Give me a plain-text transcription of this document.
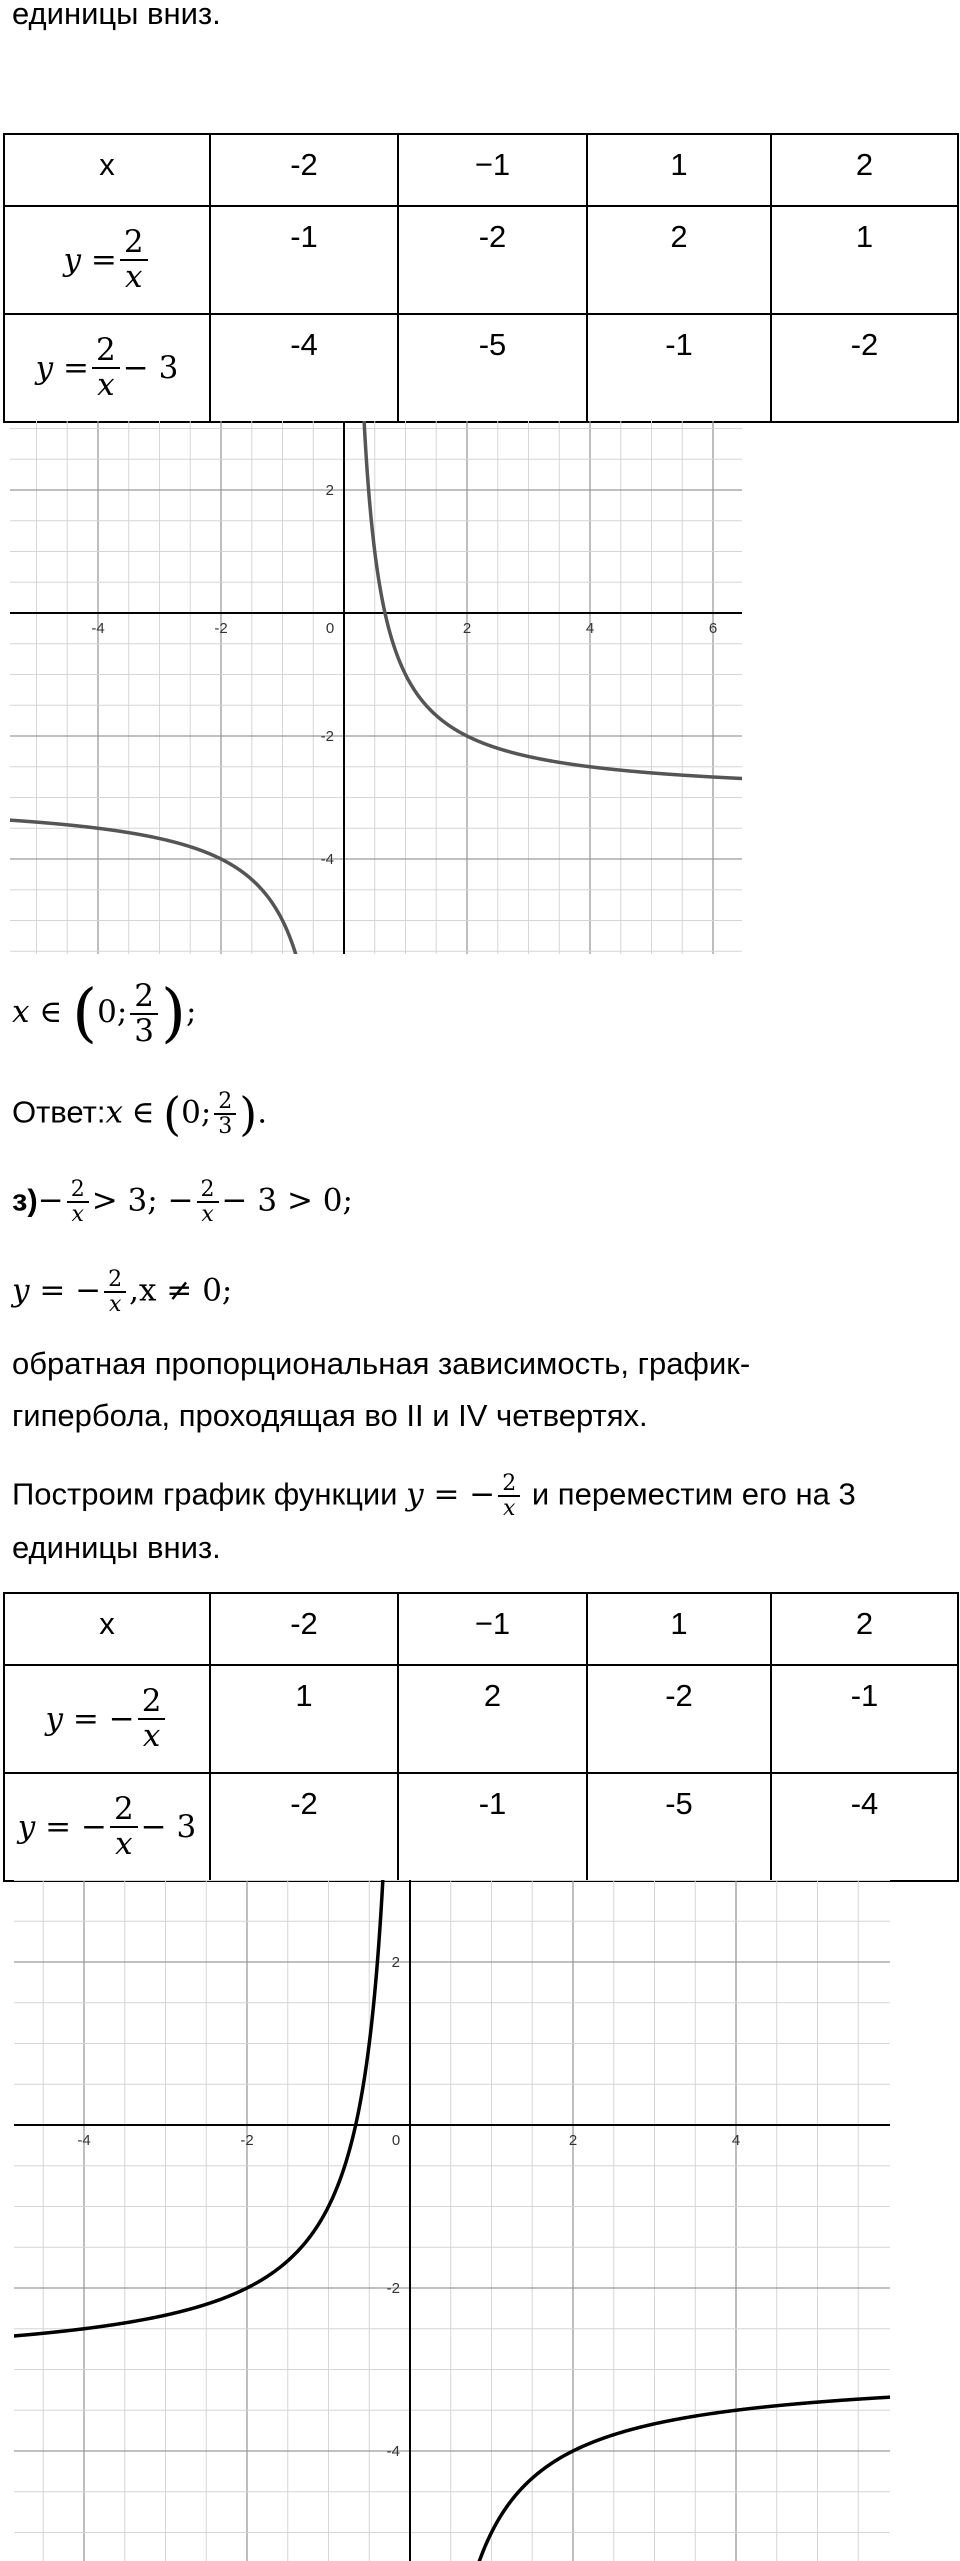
единицы вниз.
x	-2	−1	1	2

y
= $\frac{2}{x}$	-1	-2	2	1

y
= $\frac{2}{x} - 3$	-4	-5	-1	-2
-4	-2	0	2	4	6
2
-2
-4
x ∈ (0; $\frac{2}{3}$ );
Ответ:x ∈ (0; $\frac{2}{3}$ ).
$з)- \frac{2}{x} > 3$; − $\frac{2}{x} - 3 > 0$;
y = − $\frac{2}{x} ,x \ne 0$;
обратная пропорциональная зависимость, график-
гипербола, проходящая во II и IV четвертях.
Построим график функции y = − $\frac{2}{x}$ и переместим его на 3
единицы вниз.
x	-2	−1	1	2

y
= − $\frac{2}{x}$	1	2	-2	-1

y
= − $\frac{2}{x} - 3$	-2	-1	-5	-4
-4	-2	0	2	4
2
-2
-4
